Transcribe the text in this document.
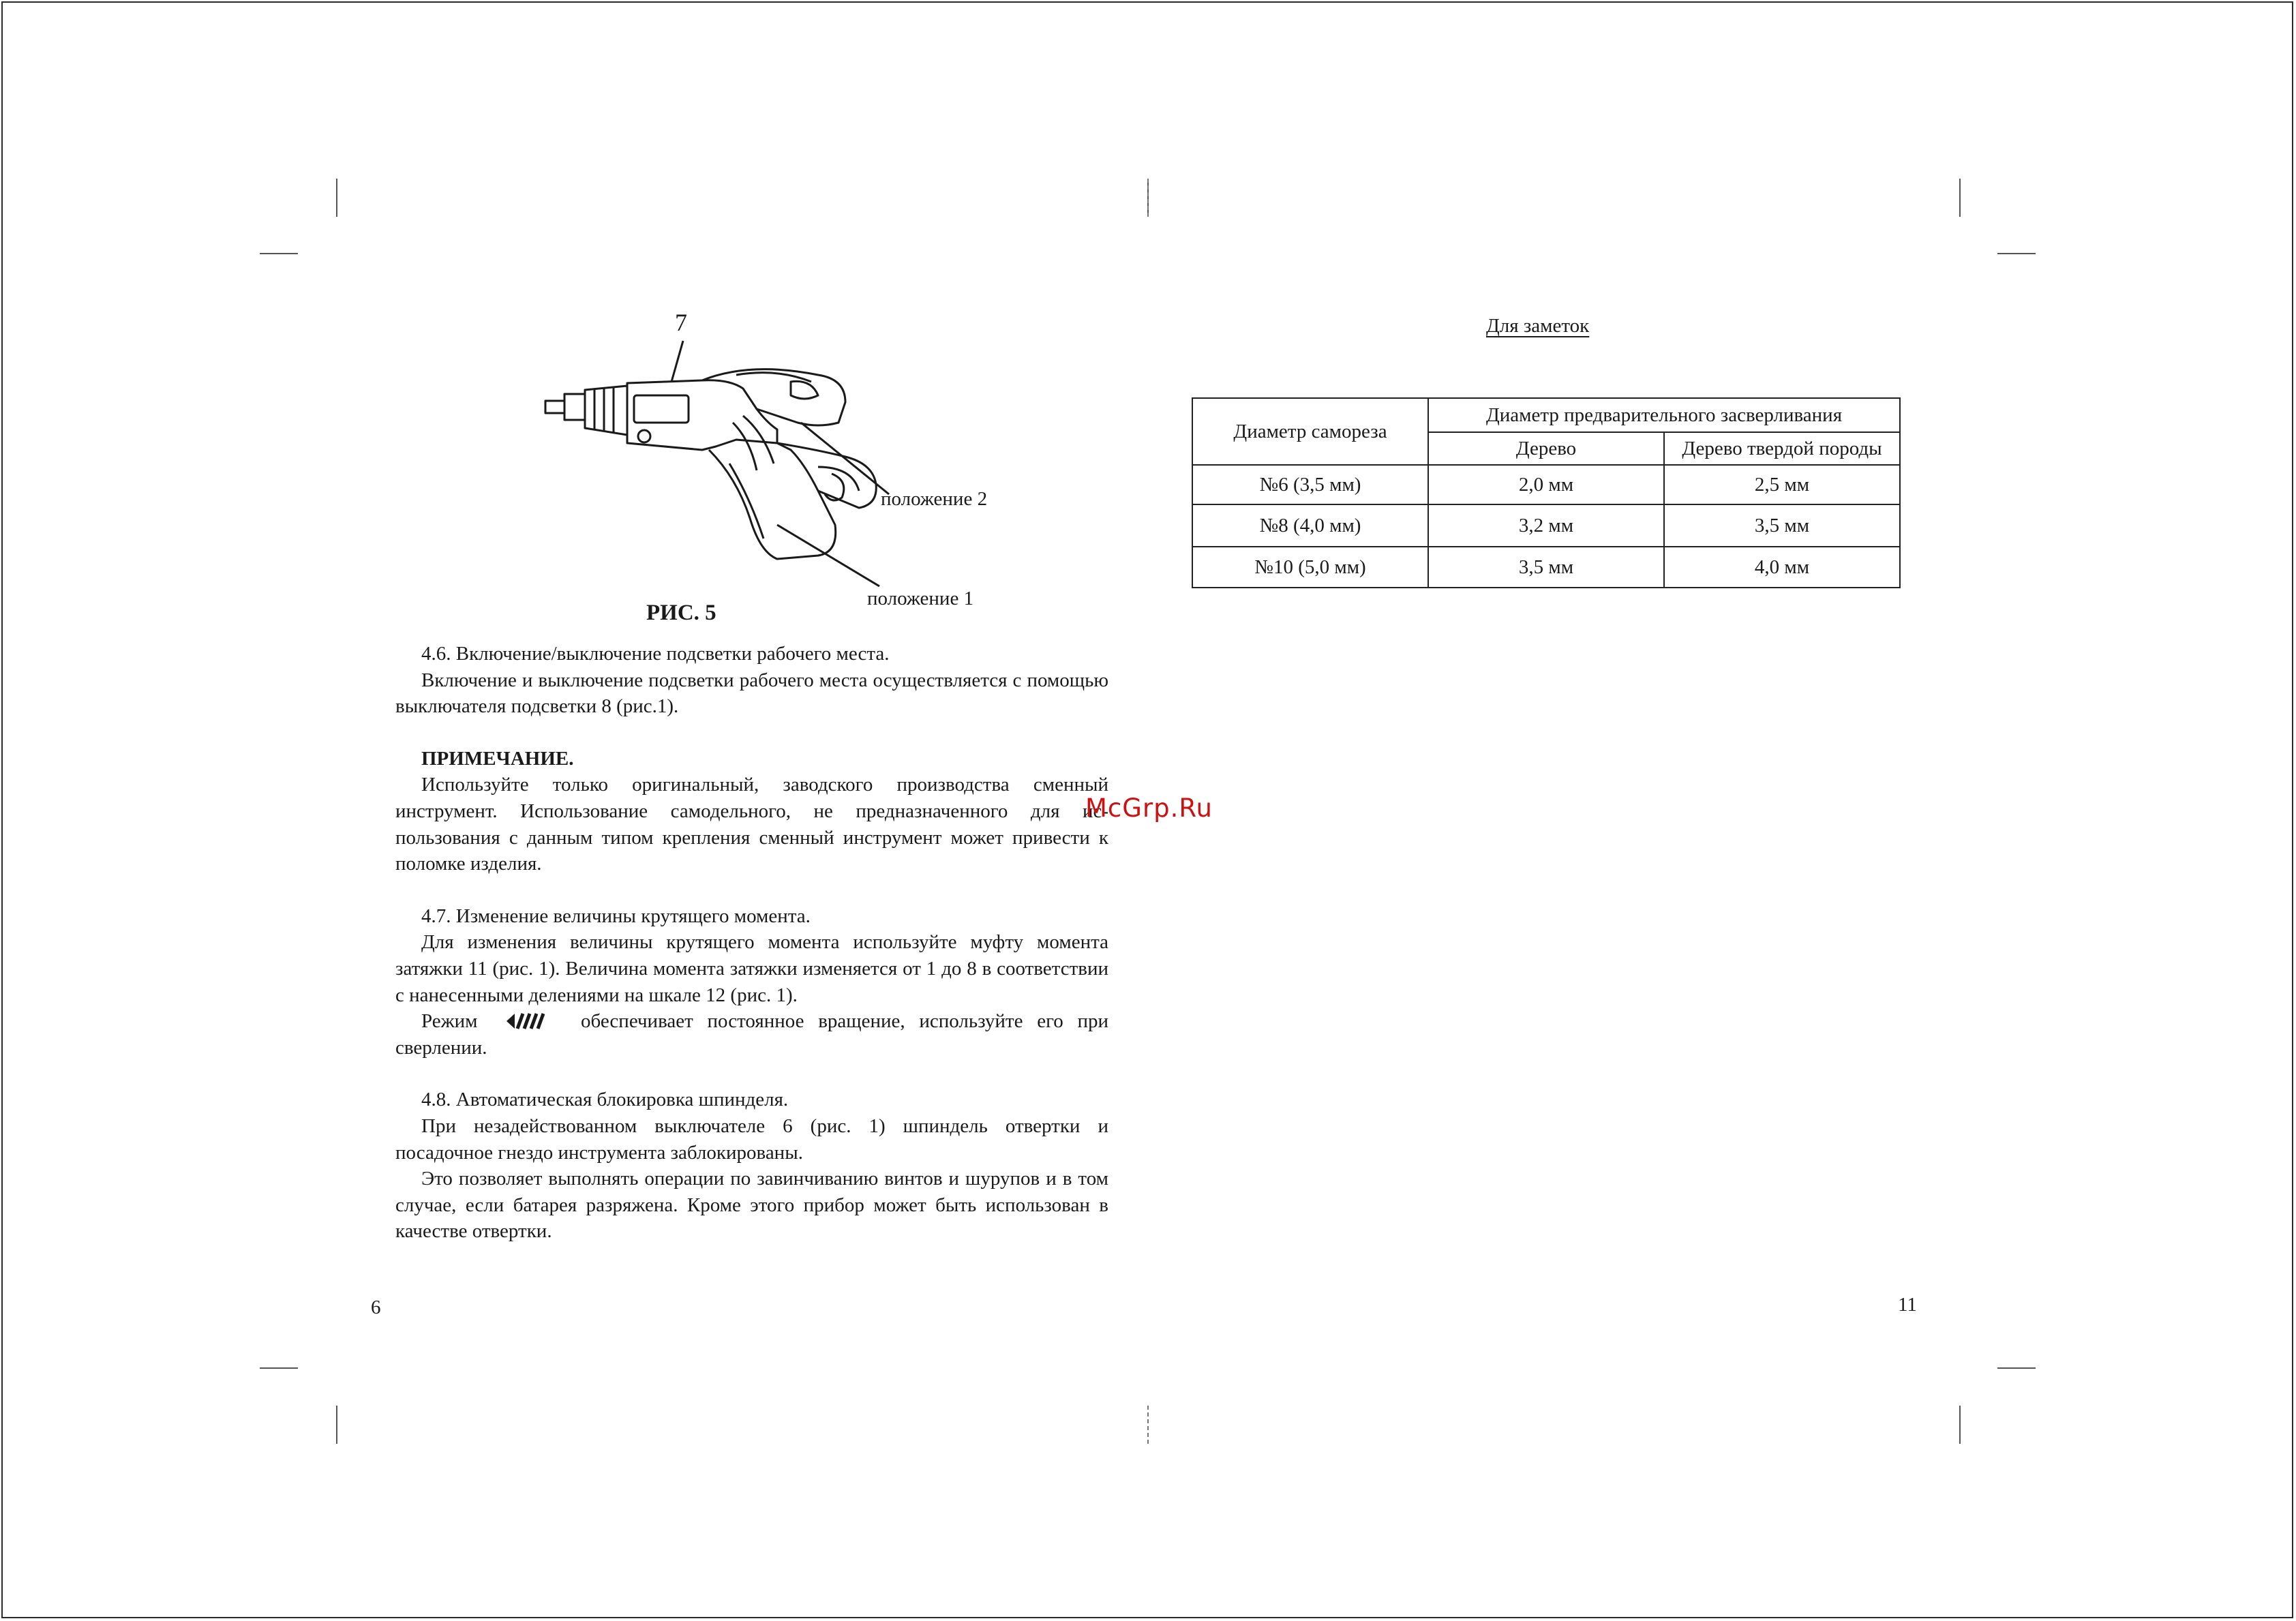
7
положение 2
положение 1
РИС. 5

4.6. Включение/выключение подсветки рабочего места.

Включение и выключение подсветки рабочего места осуществляется с помощью выключателя подсветки 8 (рис.1).

ПРИМЕЧАНИЕ.

Используйте только оригинальный, заводского производства сменный инструмент. Использование самодельного, не предназначенного для ис- пользования с данным типом крепления сменный инструмент может привести к поломке изделия.

4.7. Изменение величины крутящего момента.

Для изменения величины крутящего момента используйте муфту момента затяжки 11 (рис. 1). Величина момента затяжки изменяется от 1 до 8 в соответствии с нанесенными делениями на шкале 12 (рис. 1).

Режим	обеспечивает постоянное вращение, используйте его при сверлении.

4.8. Автоматическая блокировка шпинделя.

При незадействованном выключателе 6 (рис. 1) шпиндель отвертки и посадочное гнездо инструмента заблокированы.

Это позволяет выполнять операции по завинчиванию винтов и шурупов и в том случае, если батарея разряжена. Кроме этого прибор может быть использован в качестве отвертки.

6
Для заметок
Диаметр самореза	Диаметр предварительного засверливания	
	Дерево	Дерево твердой породы
№6 (3,5 мм)	2,0 мм	2,5 мм
№8 (4,0 мм)	3,2 мм	3,5 мм
№10 (5,0 мм)	3,5 мм	4,0 мм
11
McGrp.Ru
